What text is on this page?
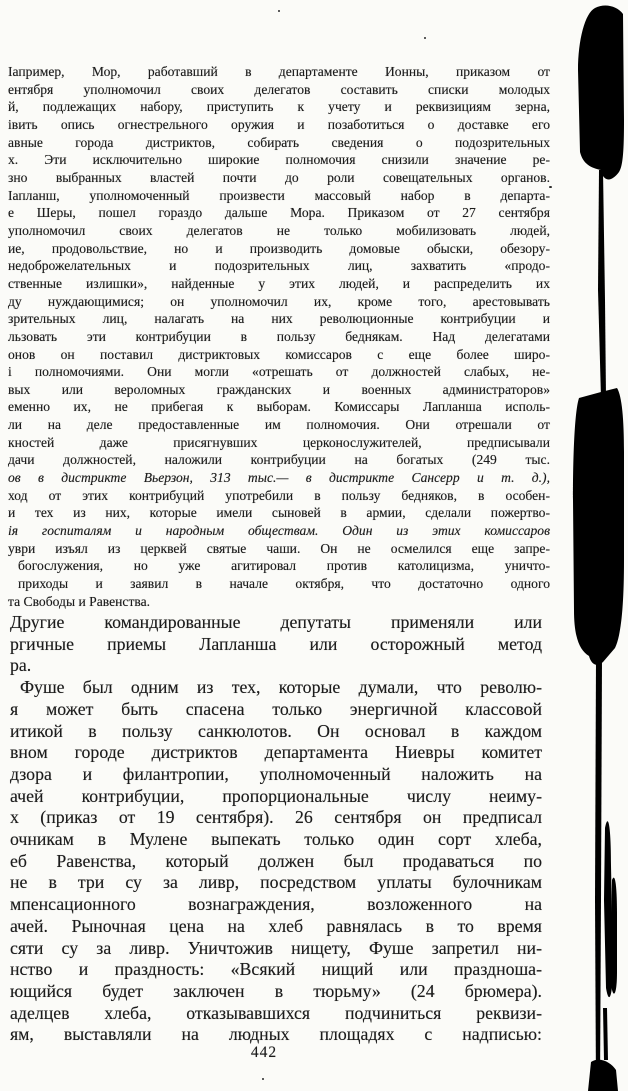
Іапример, Мор, работавший в департаменте Ионны, приказом от
ентября уполномочил своих делегатов составить списки молодых
й, подлежащих набору, приступить к учету и реквизициям зерна,
івить опись огнестрельного оружия и позаботиться о доставке его
авные города дистриктов, собирать сведения о подозрительных
х. Эти исключительно широкие полномочия снизили значение ре-
зно выбранных властей почти до роли совещательных органов.
Іапланш, уполномоченный произвести массовый набор в департа-
е Шеры, пошел гораздо дальше Мора. Приказом от 27 сентября
уполномочил своих делегатов не только мобилизовать людей,
ие, продовольствие, но и производить домовые обыски, обезору-
недоброжелательных и подозрительных лиц, захватить «продо-
ственные излишки», найденные у этих людей, и распределить их
ду нуждающимися; он уполномочил их, кроме того, арестовывать
зрительных лиц, налагать на них революционные контрибуции и
льзовать эти контрибуции в пользу беднякам. Над делегатами
онов он поставил дистриктовых комиссаров с еще более широ-
і полномочиями. Они могли «отрешать от должностей слабых, не-
вых или вероломных гражданских и военных администраторов»
еменно их, не прибегая к выборам. Комиссары Лапланша исполь-
ли на деле предоставленные им полномочия. Они отрешали от
кностей даже присягнувших церконослужителей, предписывали
дачи должностей, наложили контрибуции на богатых (249 тыс.
ов в дистрикте Вьерзон, 313 тыс.— в дистрикте Сансерр и т. д.),
ход от этих контрибуций употребили в пользу бедняков, в особен-
и тех из них, которые имели сыновей в армии, сделали пожертво-
ія госпиталям и народным обществам. Один из этих комиссаров
уври изъял из церквей святые чаши. Он не осмелился еще запре-
богослужения, но уже агитировал против католицизма, уничто-
приходы и заявил в начале октября, что достаточно одного
та Свободы и Равенства.
Другие командированные депутаты применяли или
ргичные приемы Лапланша или осторожный метод
ра.
Фуше был одним из тех, которые думали, что револю-
я может быть спасена только энергичной классовой
итикой в пользу санкюлотов. Он основал в каждом
вном городе дистриктов департамента Ниевры комитет
дзора и филантропии, уполномоченный наложить на
ачей контрибуции, пропорциональные числу неиму-
х (приказ от 19 сентября). 26 сентября он предписал
очникам в Мулене выпекать только один сорт хлеба,
еб Равенства, который должен был продаваться по
не в три су за ливр, посредством уплаты булочникам
мпенсационного вознаграждения, возложенного на
ачей. Рыночная цена на хлеб равнялась в то время
сяти су за ливр. Уничтожив нищету, Фуше запретил ни-
нство и праздность: «Всякий нищий или праздноша-
ющийся будет заключен в тюрьму» (24 брюмера).
аделцев хлеба, отказывавшихся подчиниться реквизи-
ям, выставляли на людных площадях с надписью:
442
